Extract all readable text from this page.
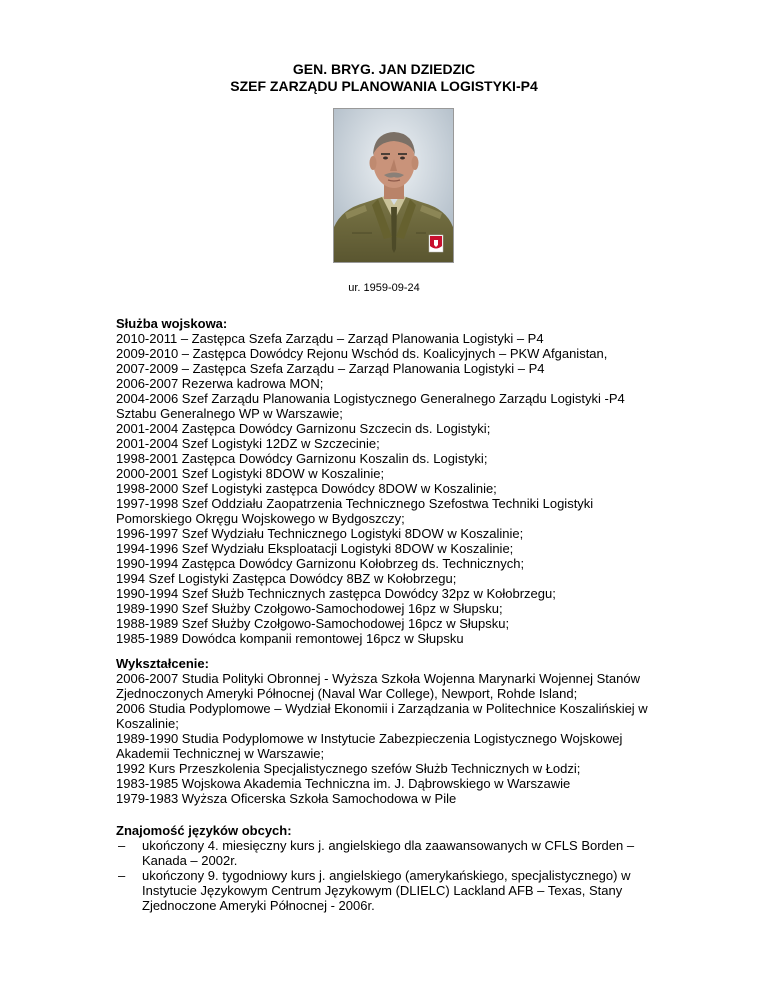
GEN. BRYG. JAN DZIEDZIC
SZEF ZARZĄDU PLANOWANIA LOGISTYKI-P4
ur. 1959-09-24
Służba wojskowa:
2010-2011 – Zastępca Szefa Zarządu – Zarząd Planowania Logistyki – P4
2009-2010 – Zastępca Dowódcy Rejonu Wschód ds. Koalicyjnych – PKW Afganistan,
2007-2009 – Zastępca Szefa Zarządu – Zarząd Planowania Logistyki – P4
2006-2007 Rezerwa kadrowa MON;
2004-2006 Szef Zarządu Planowania Logistycznego Generalnego Zarządu Logistyki -P4
Sztabu Generalnego WP w Warszawie;
2001-2004 Zastępca Dowódcy Garnizonu Szczecin ds. Logistyki;
2001-2004 Szef Logistyki 12DZ w Szczecinie;
1998-2001 Zastępca Dowódcy Garnizonu Koszalin ds. Logistyki;
2000-2001 Szef Logistyki 8DOW w Koszalinie;
1998-2000 Szef Logistyki zastępca Dowódcy 8DOW w Koszalinie;
1997-1998 Szef Oddziału Zaopatrzenia Technicznego Szefostwa Techniki Logistyki
Pomorskiego Okręgu Wojskowego w Bydgoszczy;
1996-1997 Szef Wydziału Technicznego Logistyki 8DOW w Koszalinie;
1994-1996 Szef Wydziału Eksploatacji Logistyki 8DOW w Koszalinie;
1990-1994 Zastępca Dowódcy Garnizonu Kołobrzeg ds. Technicznych;
1994 Szef Logistyki Zastępca Dowódcy 8BZ w Kołobrzegu;
1990-1994 Szef Służb Technicznych zastępca Dowódcy 32pz w Kołobrzegu;
1989-1990 Szef Służby Czołgowo-Samochodowej 16pz w Słupsku;
1988-1989 Szef Służby Czołgowo-Samochodowej 16pcz w Słupsku;
1985-1989 Dowódca kompanii remontowej 16pcz w Słupsku
Wykształcenie:
2006-2007 Studia Polityki Obronnej - Wyższa Szkoła Wojenna Marynarki Wojennej Stanów
Zjednoczonych Ameryki Północnej (Naval War College), Newport, Rohde Island;
2006 Studia Podyplomowe – Wydział Ekonomii i Zarządzania w Politechnice Koszalińskiej w
Koszalinie;
1989-1990 Studia Podyplomowe w Instytucie Zabezpieczenia Logistycznego Wojskowej
Akademii Technicznej w Warszawie;
1992 Kurs Przeszkolenia Specjalistycznego szefów Służb Technicznych w Łodzi;
1983-1985 Wojskowa Akademia Techniczna im. J. Dąbrowskiego w Warszawie
1979-1983 Wyższa Oficerska Szkoła Samochodowa w Pile
Znajomość języków obcych:
– ukończony 4. miesięczny kurs j. angielskiego dla zaawansowanych w CFLS Borden –
Kanada – 2002r.
– ukończony 9. tygodniowy kurs j. angielskiego (amerykańskiego, specjalistycznego) w
Instytucie Językowym Centrum Językowym (DLIELC) Lackland AFB – Texas, Stany
Zjednoczone Ameryki Północnej - 2006r.
